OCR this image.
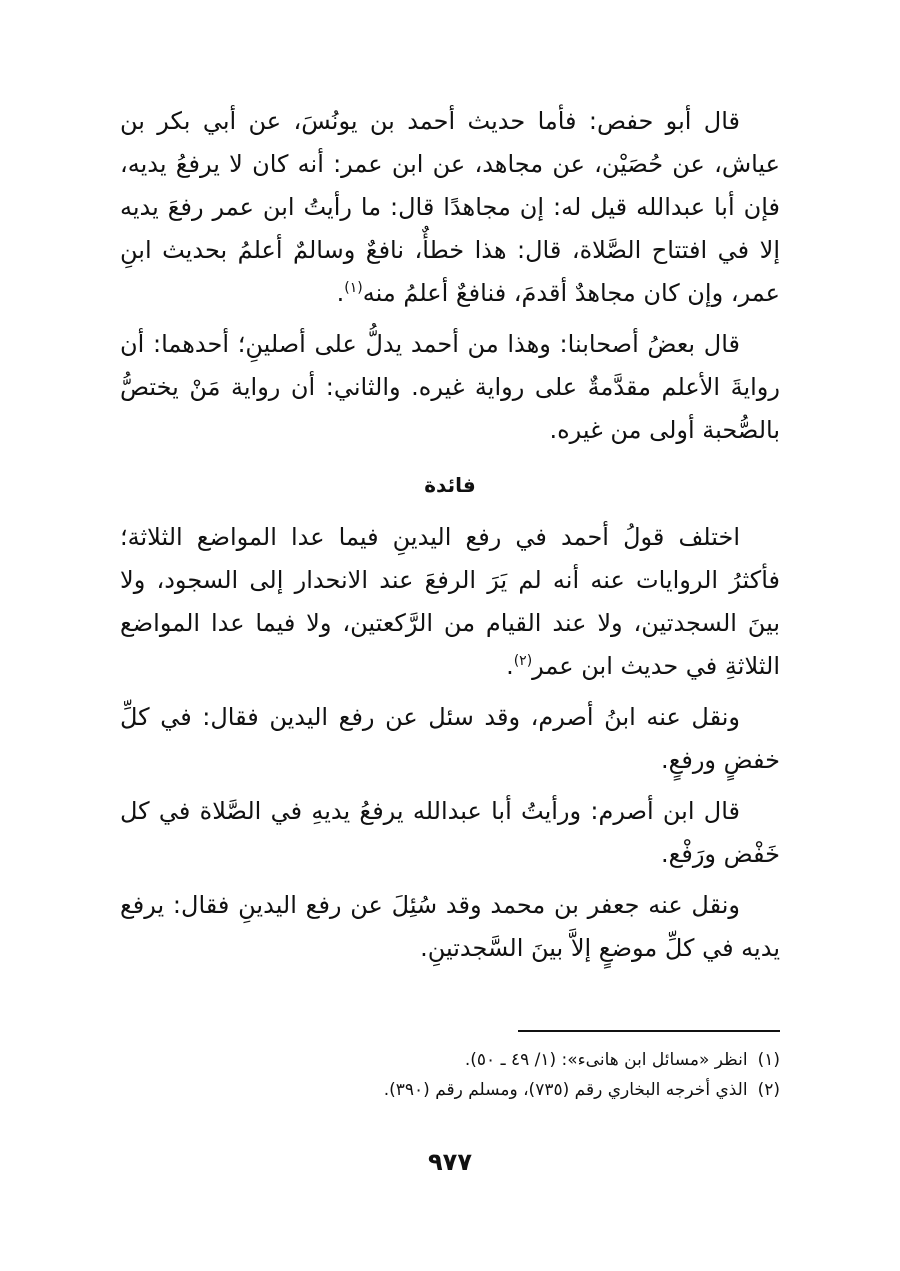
قال أبو حفص: فأما حديث أحمد بن يونُسَ، عن أبي بكر بن عياش، عن حُصَيْن، عن مجاهد، عن ابن عمر: أنه كان لا يرفعُ يديه، فإن أبا عبدالله قيل له: إن مجاهدًا قال: ما رأيتُ ابن عمر رفعَ يديه إلا في افتتاح الصَّلاة، قال: هذا خطأٌ، نافعٌ وسالمٌ أعلمُ بحديث ابنِ عمر، وإن كان مجاهدٌ أقدمَ، فنافعٌ أعلمُ منه$^{(١)}$.

قال بعضُ أصحابنا: وهذا من أحمد يدلُّ على أصلينِ؛ أحدهما: أن روايةَ الأعلم مقدَّمةٌ على رواية غيره. والثاني: أن رواية مَنْ يختصُّ بالصُّحبة أولى من غيره.

فائدة

اختلف قولُ أحمد في رفع اليدينِ فيما عدا المواضع الثلاثة؛ فأكثرُ الروايات عنه أنه لم يَرَ الرفعَ عند الانحدار إلى السجود، ولا بينَ السجدتين، ولا عند القيام من الرَّكعتين، ولا فيما عدا المواضع الثلاثةِ في حديث ابن عمر$^{(٢)}$.

ونقل عنه ابنُ أصرم، وقد سئل عن رفع اليدين فقال: في كلِّ خفضٍ ورفعٍ.

قال ابن أصرم: ورأيتُ أبا عبدالله يرفعُ يديهِ في الصَّلاة في كل خَفْض ورَفْع.

ونقل عنه جعفر بن محمد وقد سُئِلَ عن رفع اليدينِ فقال: يرفع يديه في كلِّ موضعٍ إلاَّ بينَ السَّجدتينِ.

(١)انظر «مسائل ابن هانىء»: (١/ ٤٩ ـ ٥٠).

(٢)الذي أخرجه البخاري رقم (٧٣٥)، ومسلم رقم (٣٩٠).

٩٧٧
